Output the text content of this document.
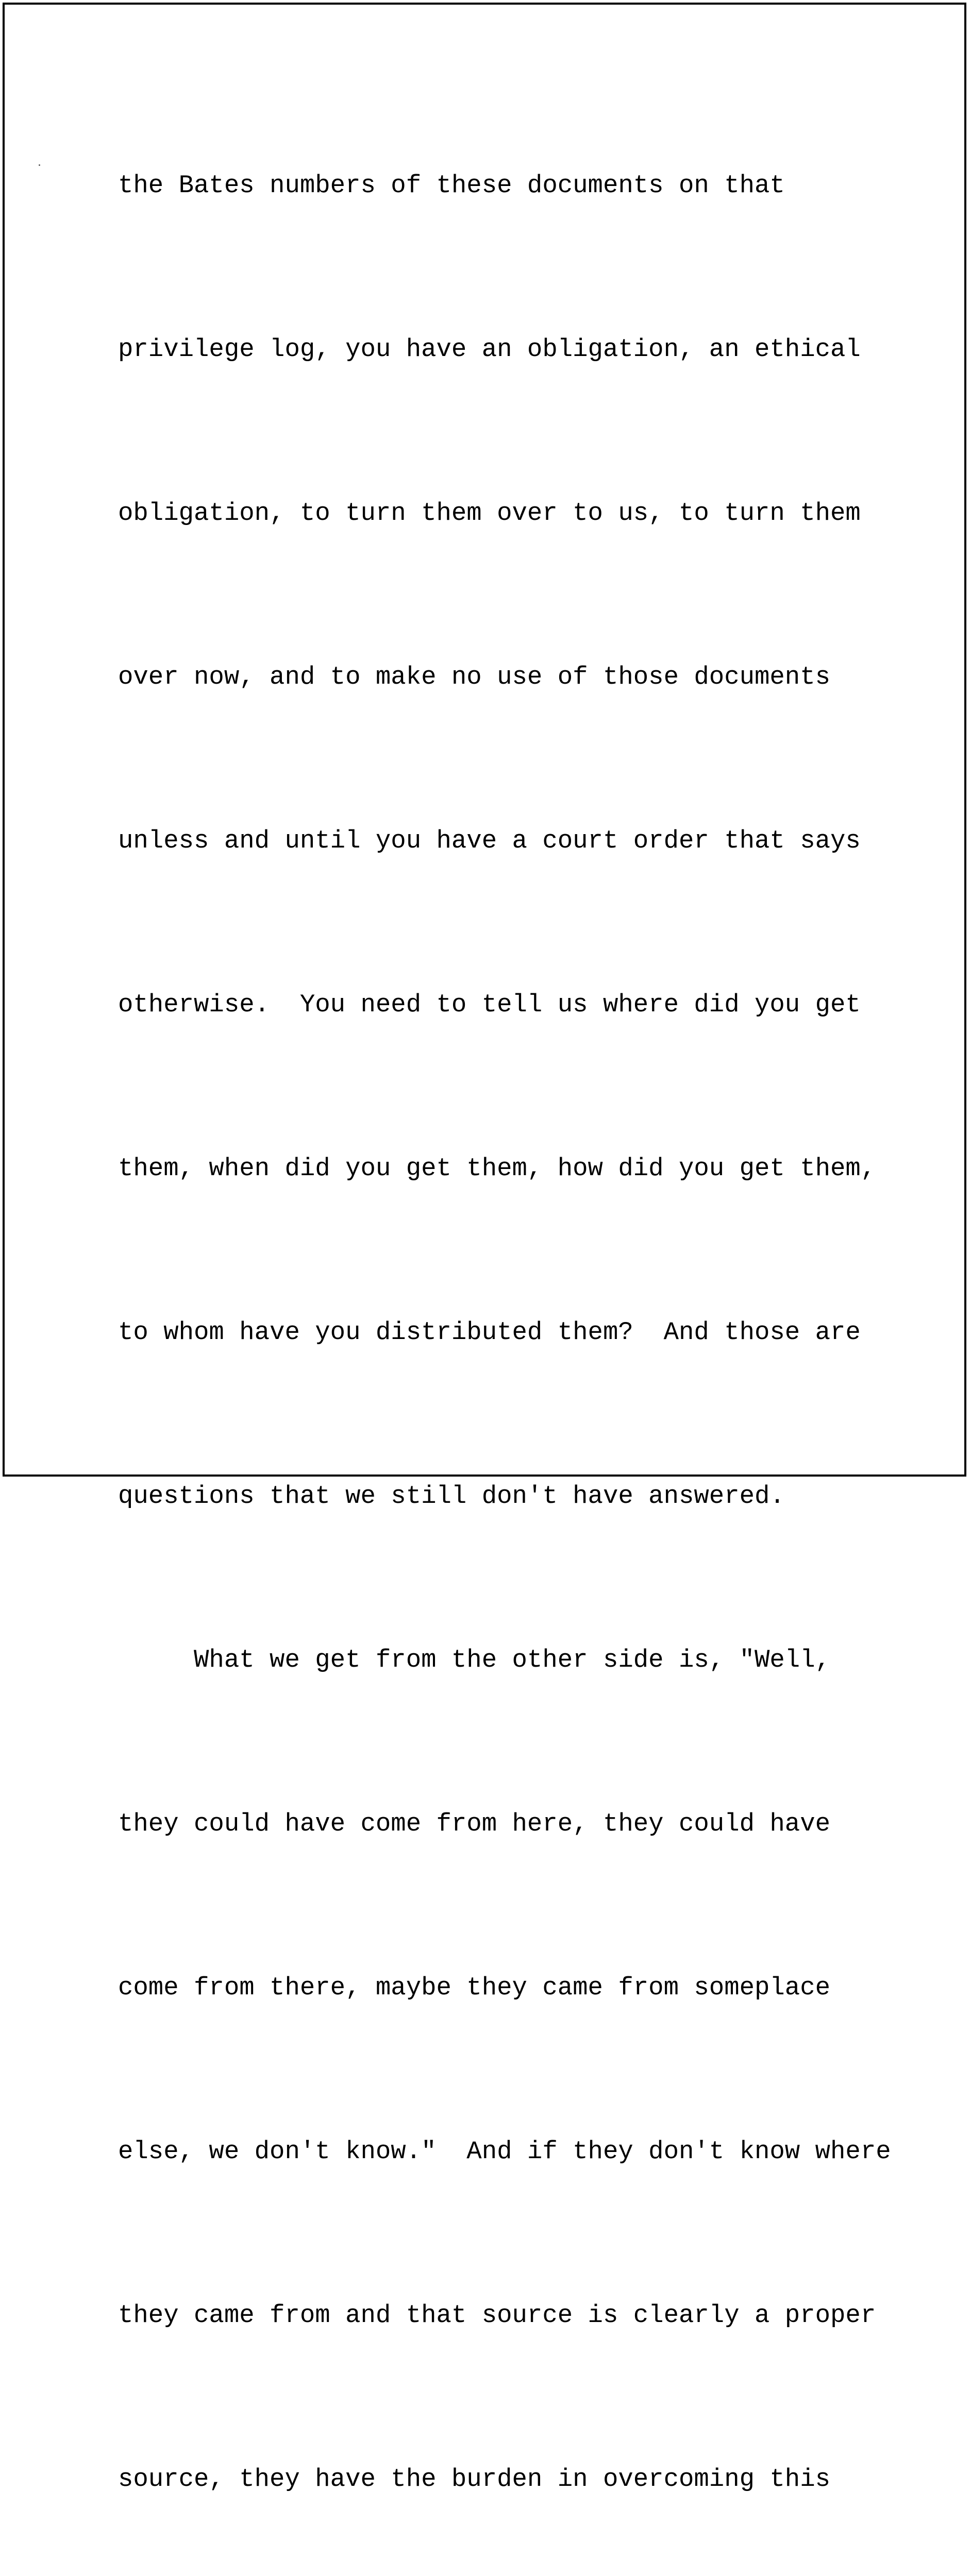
the Bates numbers of these documents on that

privilege log, you have an obligation, an ethical

obligation, to turn them over to us, to turn them

over now, and to make no use of those documents

unless and until you have a court order that says

otherwise.  You need to tell us where did you get

them, when did you get them, how did you get them,

to whom have you distributed them?  And those are

questions that we still don't have answered.

What we get from the other side is, "Well,

they could have come from here, they could have

come from there, maybe they came from someplace

else, we don't know."  And if they don't know where

they came from and that source is clearly a proper

source, they have the burden in overcoming this
